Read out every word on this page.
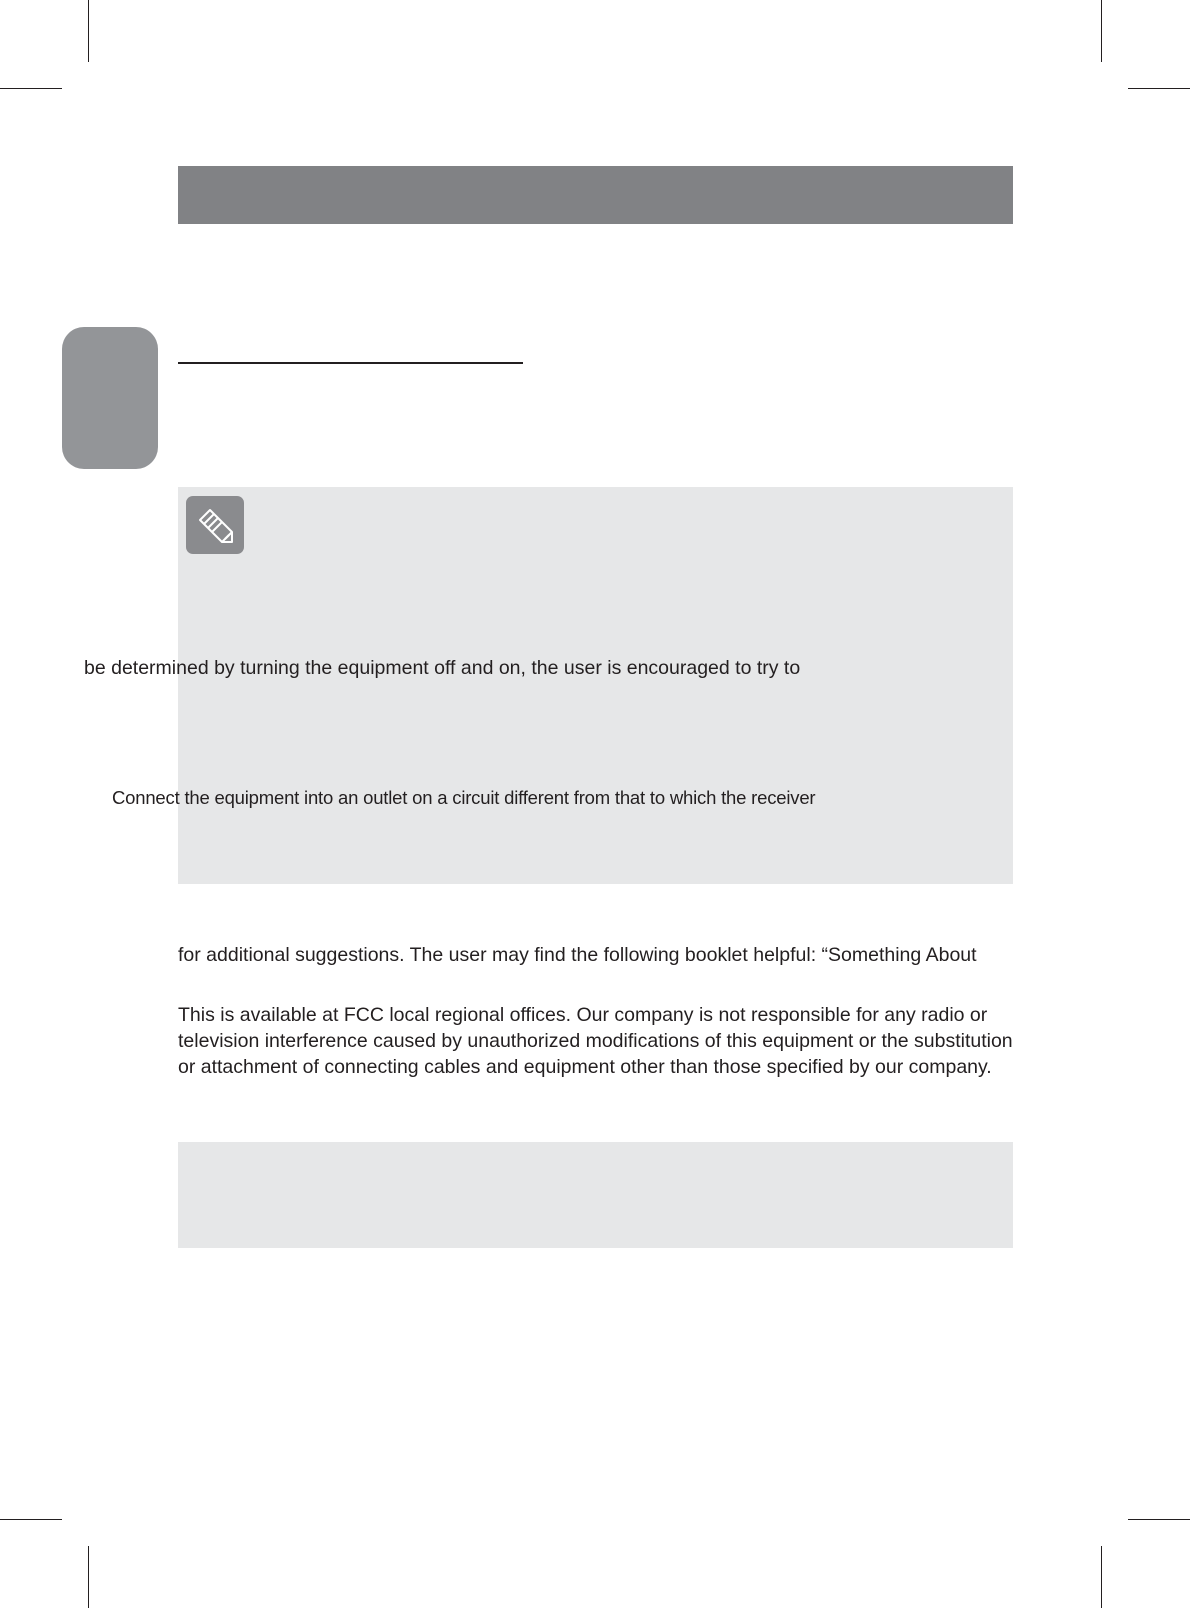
be determined by turning the equipment off and on, the user is encouraged to try to

Connect the equipment into an outlet on a circuit different from that to which the receiver

for additional suggestions. The user may find the following booklet helpful: “Something About

This is available at FCC local regional offices. Our company is not responsible for any radio or
television interference caused by unauthorized modifications of this equipment or the substitution
or attachment of connecting cables and equipment other than those specified by our company.
